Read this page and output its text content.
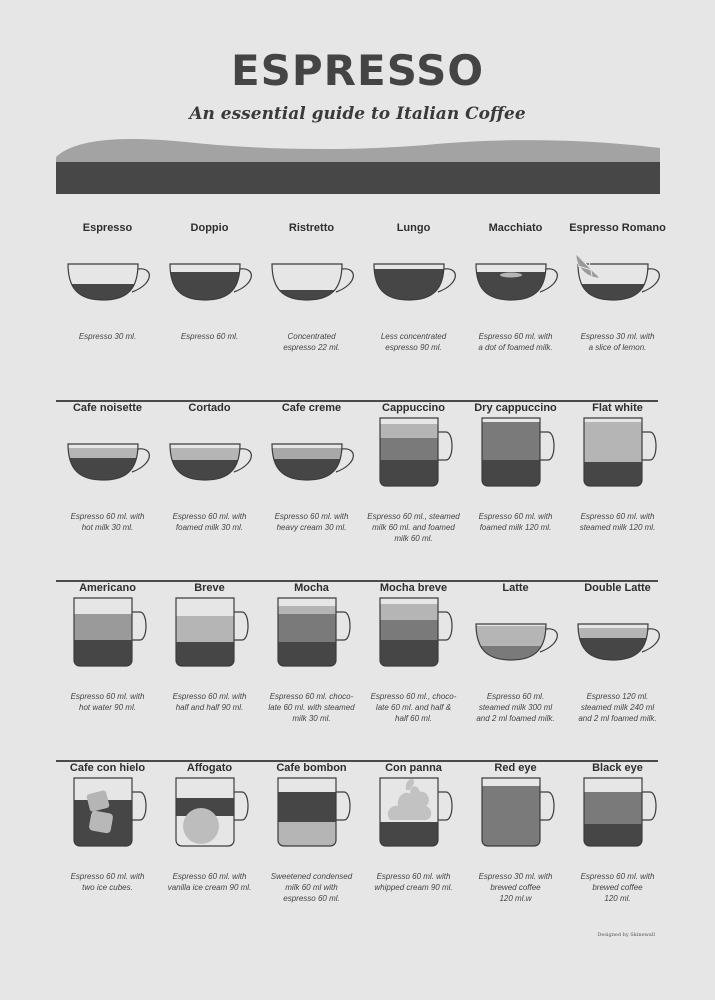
ESPRESSO
An essential guide to Italian Coffee
Espresso
Espresso 30 ml.
Doppio
Espresso 60 ml.
Ristretto
Concentrated
espresso 22 ml.
Lungo
Less concentrated
espresso 90 ml.
Macchiato
Espresso 60 ml. with
a dot of foamed milk.
Espresso Romano
Espresso 30 ml. with
a slice of lemon.
Cafe noisette
Espresso 60 ml. with
hot milk 30 ml.
Cortado
Espresso 60 ml. with
foamed milk 30 ml.
Cafe creme
Espresso 60 ml. with
heavy cream 30 ml.
Cappuccino
Espresso 60 ml., steamed
milk 60 ml. and foamed
milk 60 ml.
Dry cappuccino
Espresso 60 ml. with
foamed milk 120 ml.
Flat white
Espresso 60 ml. with
steamed milk 120 ml.
Americano
Espresso 60 ml. with
hot water 90 ml.
Breve
Espresso 60 ml. with
half and half 90 ml.
Mocha
Espresso 60 ml. choco-
late 60 ml. with steamed
milk 30 ml.
Mocha breve
Espresso 60 ml., choco-
late 60 ml. and half &
half 60 ml.
Latte
Espresso 60 ml.
steamed milk 300 ml
and 2 ml foamed milk.
Double Latte
Espresso 120 ml.
steamed milk 240 ml
and 2 ml foamed milk.
Cafe con hielo
Espresso 60 ml. with
two ice cubes.
Affogato
Espresso 60 ml. with
vanilla ice cream 90 ml.
Cafe bombon
Sweetened condensed
milk 60 ml with
espresso 60 ml.
Con panna
Espresso 60 ml. with
whipped cream 90 ml.
Red eye
Espresso 30 ml. with
brewed coffee
120 ml.w
Black eye
Espresso 60 ml. with
brewed coffee
120 ml.
Designed by Skinewall
